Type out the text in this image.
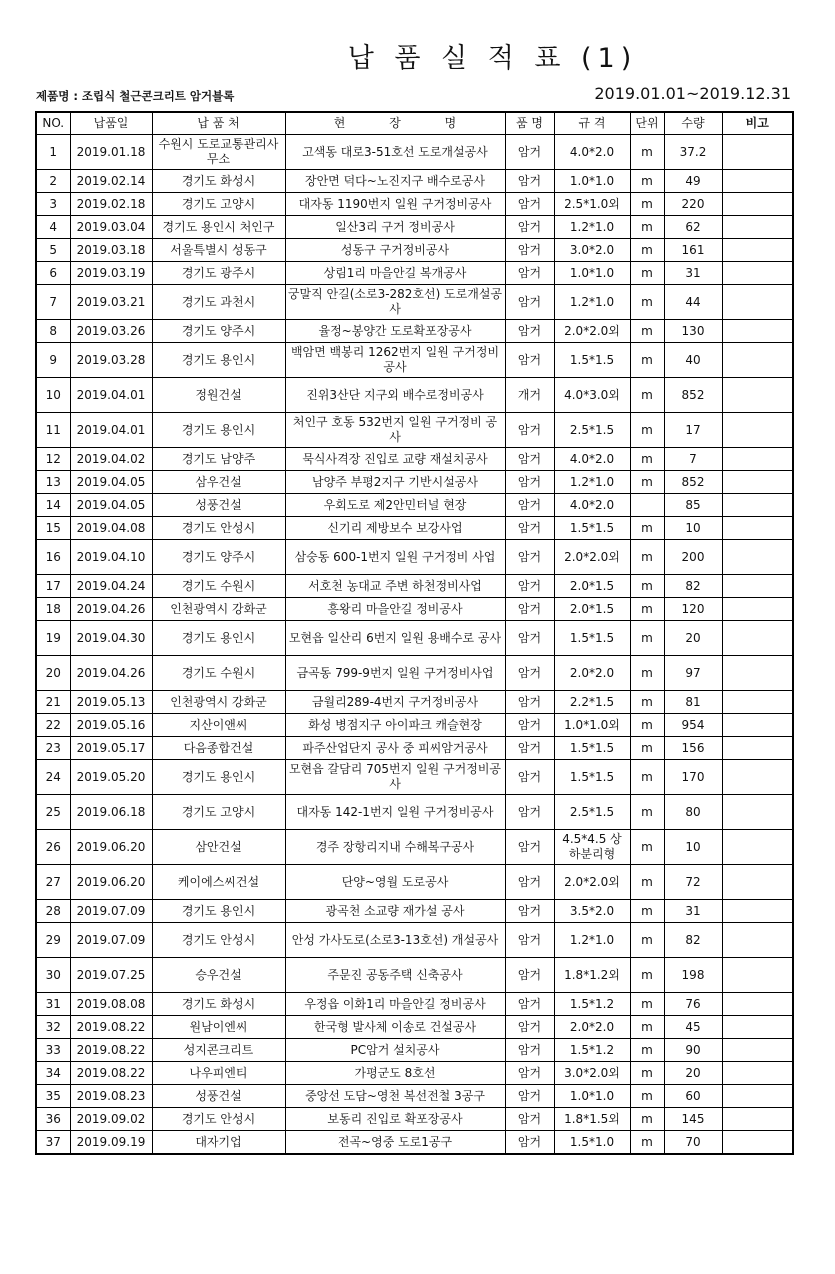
납 품 실 적 표 (1)
제품명 : 조립식 철근콘크리트 암거블록	2019.01.01~2019.12.31
NO.	납품일	납 품 처	현 장 명	품 명	규 격	단위	수량	비고
1	2019.01.18	수원시 도로교통관리사무소	고색동 대로3-51호선 도로개설공사	암거	4.0*2.0	m	37.2	
2	2019.02.14	경기도 화성시	장안면 덕다~노진지구 배수로공사	암거	1.0*1.0	m	49	
3	2019.02.18	경기도 고양시	대자동 1190번지 일원 구거정비공사	암거	2.5*1.0외	m	220	
4	2019.03.04	경기도 용인시 처인구	일산3리 구거 정비공사	암거	1.2*1.0	m	62	
5	2019.03.18	서울특별시 성동구	성동구 구거정비공사	암거	3.0*2.0	m	161	
6	2019.03.19	경기도 광주시	상림1리 마을안길 복개공사	암거	1.0*1.0	m	31	
7	2019.03.21	경기도 과천시	궁말직 안길(소로3-282호선) 도로개설공사	암거	1.2*1.0	m	44	
8	2019.03.26	경기도 양주시	율정~봉양간 도로확포장공사	암거	2.0*2.0외	m	130	
9	2019.03.28	경기도 용인시	백암면 백봉리 1262번지 일원 구거정비 공사	암거	1.5*1.5	m	40	
10	2019.04.01	정원건설	진위3산단 지구외 배수로정비공사	개거	4.0*3.0외	m	852	
11	2019.04.01	경기도 용인시	처인구 호동 532번지 일원 구거정비 공사	암거	2.5*1.5	m	17	
12	2019.04.02	경기도 남양주	묵식사격장 진입로 교량 재설치공사	암거	4.0*2.0	m	7	
13	2019.04.05	삼우건설	남양주 부평2지구 기반시설공사	암거	1.2*1.0	m	852	
14	2019.04.05	성풍건설	우회도로 제2안민터널 현장	암거	4.0*2.0		85	
15	2019.04.08	경기도 안성시	신기리 제방보수 보강사업	암거	1.5*1.5	m	10	
16	2019.04.10	경기도 양주시	삼숭동 600-1번지 일원 구거정비 사업	암거	2.0*2.0외	m	200	
17	2019.04.24	경기도 수원시	서호천 농대교 주변 하천정비사업	암거	2.0*1.5	m	82	
18	2019.04.26	인천광역시 강화군	흥왕리 마을안길 정비공사	암거	2.0*1.5	m	120	
19	2019.04.30	경기도 용인시	모현읍 일산리 6번지 일원 용배수로 공사	암거	1.5*1.5	m	20	
20	2019.04.26	경기도 수원시	금곡동 799-9번지 일원 구거정비사업	암거	2.0*2.0	m	97	
21	2019.05.13	인천광역시 강화군	금월리289-4번지 구거정비공사	암거	2.2*1.5	m	81	
22	2019.05.16	지산이앤씨	화성 병점지구 아이파크 캐슬현장	암거	1.0*1.0외	m	954	
23	2019.05.17	다음종합건설	파주산업단지 공사 중 피씨암거공사	암거	1.5*1.5	m	156	
24	2019.05.20	경기도 용인시	모현읍 갈담리 705번지 일원 구거정비공사	암거	1.5*1.5	m	170	
25	2019.06.18	경기도 고양시	대자동 142-1번지 일원 구거정비공사	암거	2.5*1.5	m	80	
26	2019.06.20	삼안건설	경주 장항리지내 수해복구공사	암거	4.5*4.5 상하분리형	m	10	
27	2019.06.20	케이에스씨건설	단양~영월 도로공사	암거	2.0*2.0외	m	72	
28	2019.07.09	경기도 용인시	광곡천 소교량 재가설 공사	암거	3.5*2.0	m	31	
29	2019.07.09	경기도 안성시	안성 가사도로(소로3-13호선) 개설공사	암거	1.2*1.0	m	82	
30	2019.07.25	승우건설	주문진 공동주택 신축공사	암거	1.8*1.2외	m	198	
31	2019.08.08	경기도 화성시	우정읍 이화1리 마을안길 정비공사	암거	1.5*1.2	m	76	
32	2019.08.22	원남이엔씨	한국형 발사체 이송로 건설공사	암거	2.0*2.0	m	45	
33	2019.08.22	성지콘크리트	PC암거 설치공사	암거	1.5*1.2	m	90	
34	2019.08.22	나우피엔티	가평군도 8호선	암거	3.0*2.0외	m	20	
35	2019.08.23	성풍건설	중앙선 도담~영천 복선전철 3공구	암거	1.0*1.0	m	60	
36	2019.09.02	경기도 안성시	보동리 진입로 확포장공사	암거	1.8*1.5외	m	145	
37	2019.09.19	대자기업	전곡~영중 도로1공구	암거	1.5*1.0	m	70	
